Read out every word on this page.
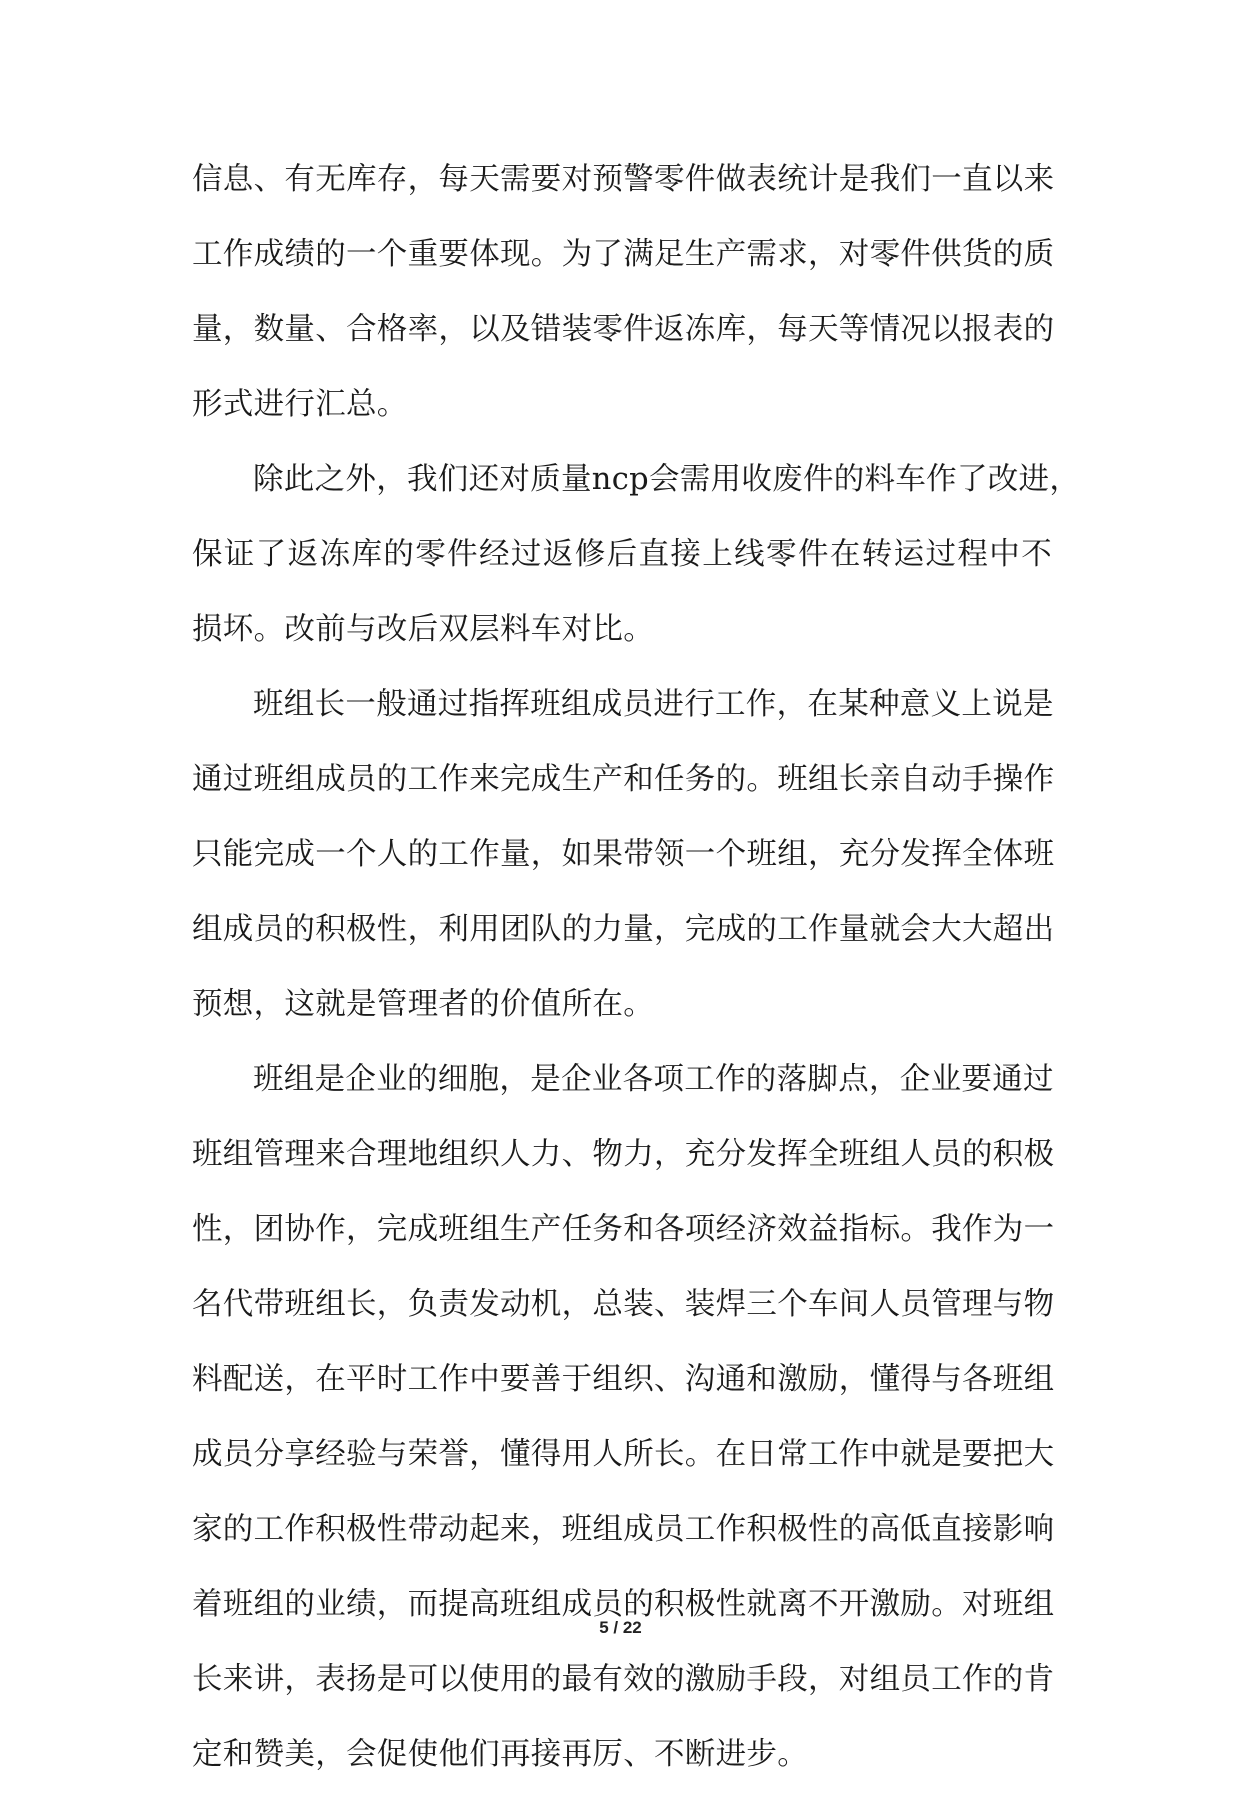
信息、有无库存，每天需要对预警零件做表统计是我们一直以来
工作成绩的一个重要体现。为了满足生产需求，对零件供货的质
量，数量、合格率，以及错装零件返冻库，每天等情况以报表的
形式进行汇总。
除此之外，我们还对质量ncp会需用收废件的料车作了改进，
保证了返冻库的零件经过返修后直接上线零件在转运过程中不
损坏。改前与改后双层料车对比。
班组长一般通过指挥班组成员进行工作，在某种意义上说是
通过班组成员的工作来完成生产和任务的。班组长亲自动手操作
只能完成一个人的工作量，如果带领一个班组，充分发挥全体班
组成员的积极性，利用团队的力量，完成的工作量就会大大超出
预想，这就是管理者的价值所在。
班组是企业的细胞，是企业各项工作的落脚点，企业要通过
班组管理来合理地组织人力、物力，充分发挥全班组人员的积极
性，团协作，完成班组生产任务和各项经济效益指标。我作为一
名代带班组长，负责发动机，总装、装焊三个车间人员管理与物
料配送，在平时工作中要善于组织、沟通和激励，懂得与各班组
成员分享经验与荣誉，懂得用人所长。在日常工作中就是要把大
家的工作积极性带动起来，班组成员工作积极性的高低直接影响
着班组的业绩，而提高班组成员的积极性就离不开激励。对班组
长来讲，表扬是可以使用的最有效的激励手段，对组员工作的肯
定和赞美，会促使他们再接再厉、不断进步。
5 / 22
